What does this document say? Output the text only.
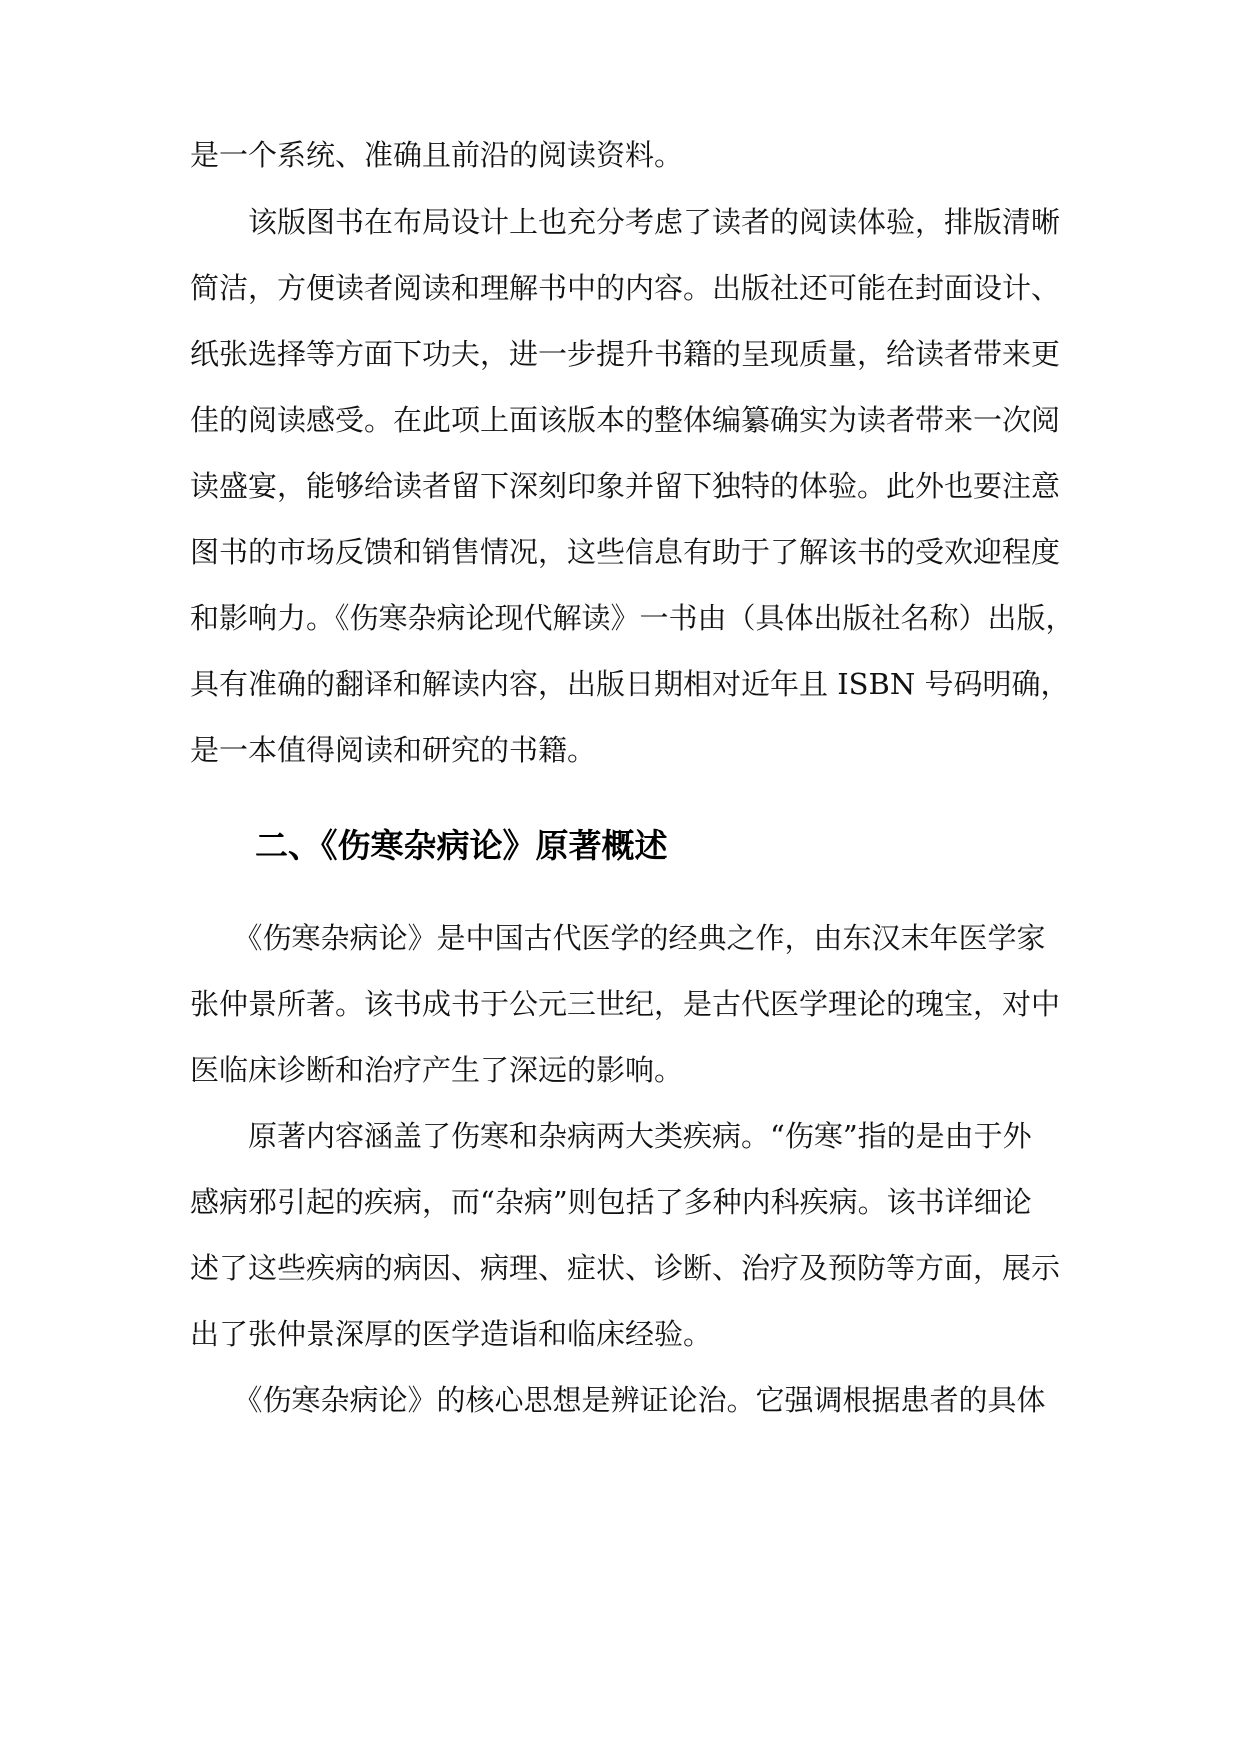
是一个系统、准确且前沿的阅读资料。
　　该版图书在布局设计上也充分考虑了读者的阅读体验，排版清晰
简洁，方便读者阅读和理解书中的内容。出版社还可能在封面设计、
纸张选择等方面下功夫，进一步提升书籍的呈现质量，给读者带来更
佳的阅读感受。在此项上面该版本的整体编纂确实为读者带来一次阅
读盛宴，能够给读者留下深刻印象并留下独特的体验。此外也要注意
图书的市场反馈和销售情况，这些信息有助于了解该书的受欢迎程度
和影响力。《伤寒杂病论现代解读》一书由（具体出版社名称）出版，
具有准确的翻译和解读内容，出版日期相对近年且 ISBN 号码明确，
是一本值得阅读和研究的书籍。
二、《伤寒杂病论》原著概述
　　《伤寒杂病论》是中国古代医学的经典之作，由东汉末年医学家
张仲景所著。该书成书于公元三世纪，是古代医学理论的瑰宝，对中
医临床诊断和治疗产生了深远的影响。
　　原著内容涵盖了伤寒和杂病两大类疾病。“伤寒”指的是由于外
感病邪引起的疾病，而“杂病”则包括了多种内科疾病。该书详细论
述了这些疾病的病因、病理、症状、诊断、治疗及预防等方面，展示
出了张仲景深厚的医学造诣和临床经验。
　　《伤寒杂病论》的核心思想是辨证论治。它强调根据患者的具体
